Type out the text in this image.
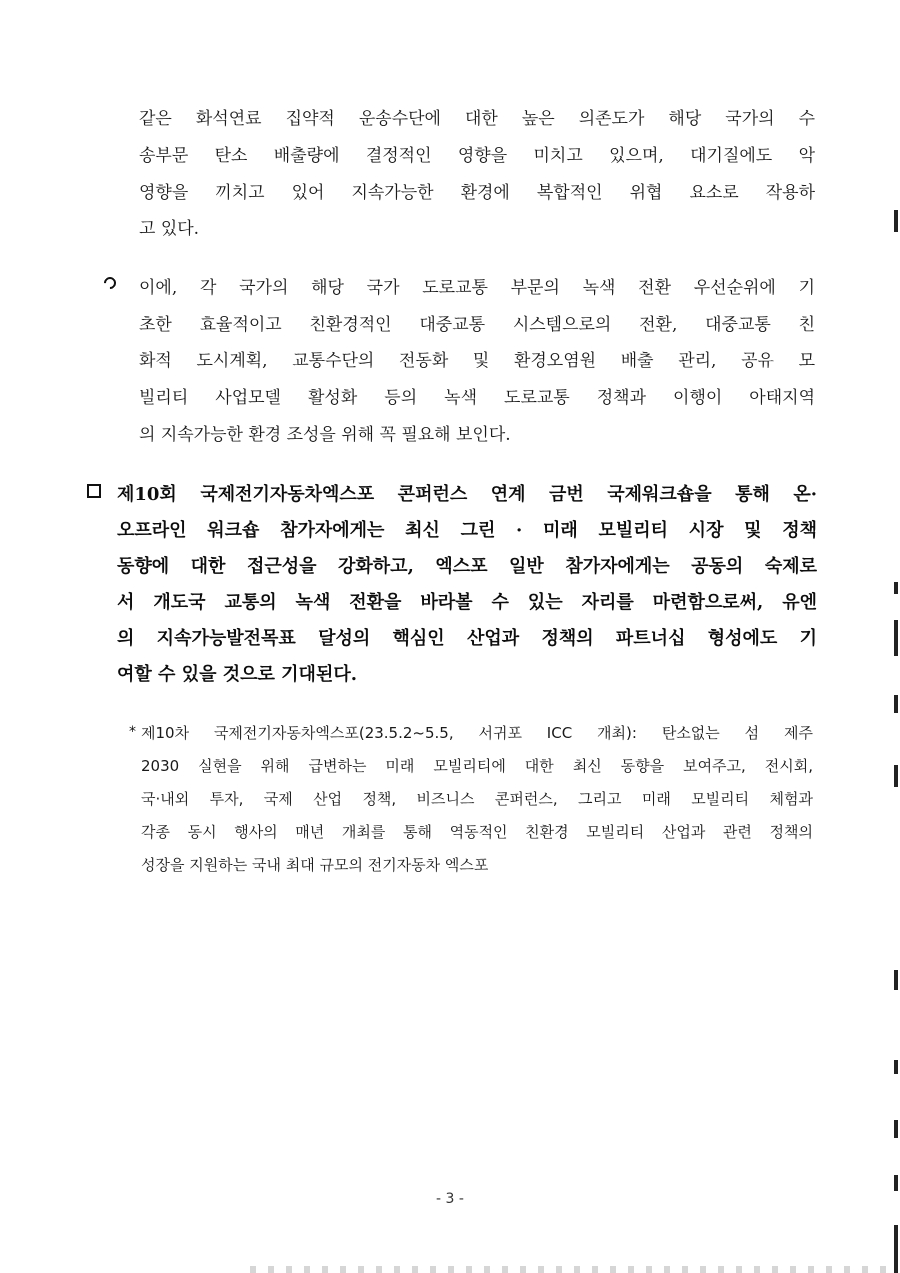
같은 화석연료 집약적 운송수단에 대한 높은 의존도가 해당 국가의 수
송부문 탄소 배출량에 결정적인 영향을 미치고 있으며, 대기질에도 악
영향을 끼치고 있어 지속가능한 환경에 복합적인 위협 요소로 작용하
고 있다.
이에, 각 국가의 해당 국가 도로교통 부문의 녹색 전환 우선순위에 기
초한 효율적이고 친환경적인 대중교통 시스템으로의 전환, 대중교통 친
화적 도시계획, 교통수단의 전동화 및 환경오염원 배출 관리, 공유 모
빌리티 사업모델 활성화 등의 녹색 도로교통 정책과 이행이 아태지역
의 지속가능한 환경 조성을 위해 꼭 필요해 보인다.
제10회 국제전기자동차엑스포 콘퍼런스 연계 금번 국제워크숍을 통해 온·
오프라인 워크숍 참가자에게는 최신 그린 · 미래 모빌리티 시장 및 정책
동향에 대한 접근성을 강화하고, 엑스포 일반 참가자에게는 공동의 숙제로
서 개도국 교통의 녹색 전환을 바라볼 수 있는 자리를 마련함으로써, 유엔
의 지속가능발전목표 달성의 핵심인 산업과 정책의 파트너십 형성에도 기
여할 수 있을 것으로 기대된다.
* 제10차 국제전기자동차엑스포(23.5.2~5.5, 서귀포 ICC 개최): 탄소없는 섬 제주
2030 실현을 위해 급변하는 미래 모빌리티에 대한 최신 동향을 보여주고, 전시회,
국·내외 투자, 국제 산업 정책, 비즈니스 콘퍼런스, 그리고 미래 모빌리티 체험과
각종 동시 행사의 매년 개최를 통해 역동적인 친환경 모빌리티 산업과 관련 정책의
성장을 지원하는 국내 최대 규모의 전기자동차 엑스포
- 3 -
